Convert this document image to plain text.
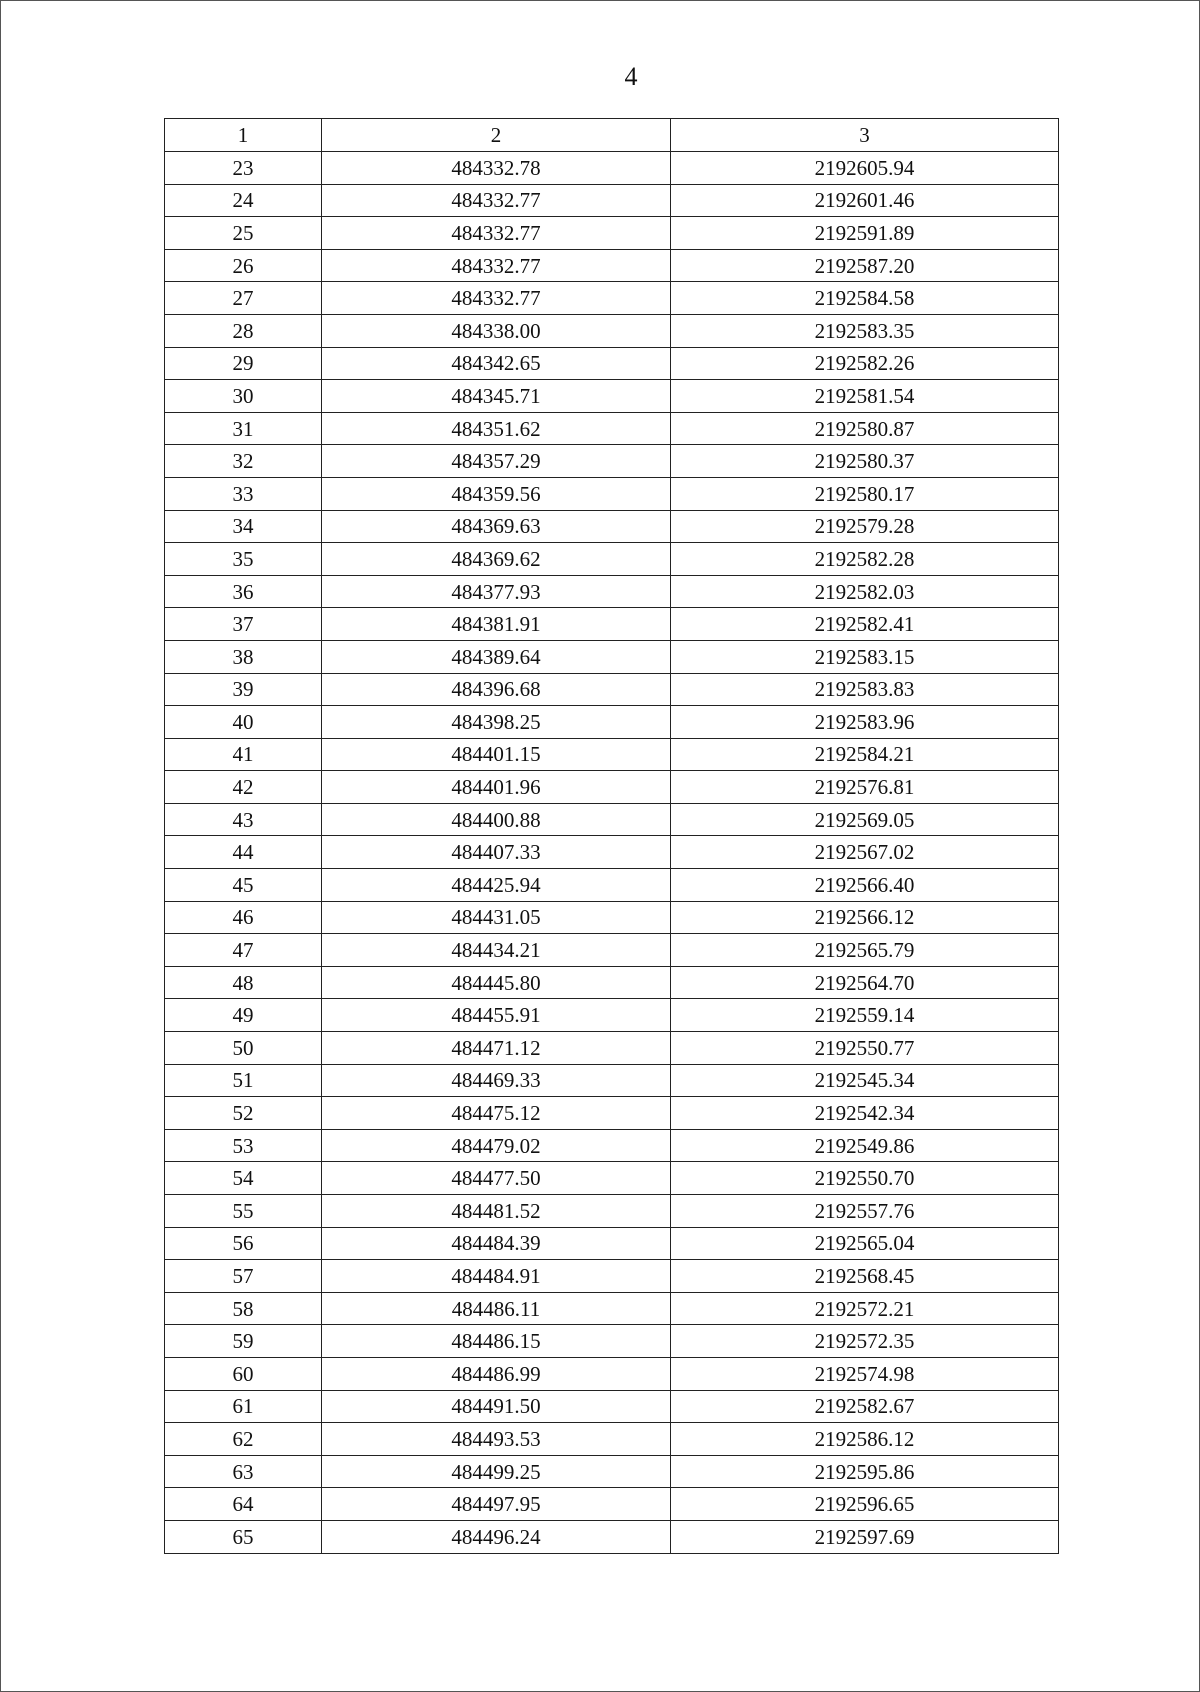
4
1	2	3
23	484332.78	2192605.94
24	484332.77	2192601.46
25	484332.77	2192591.89
26	484332.77	2192587.20
27	484332.77	2192584.58
28	484338.00	2192583.35
29	484342.65	2192582.26
30	484345.71	2192581.54
31	484351.62	2192580.87
32	484357.29	2192580.37
33	484359.56	2192580.17
34	484369.63	2192579.28
35	484369.62	2192582.28
36	484377.93	2192582.03
37	484381.91	2192582.41
38	484389.64	2192583.15
39	484396.68	2192583.83
40	484398.25	2192583.96
41	484401.15	2192584.21
42	484401.96	2192576.81
43	484400.88	2192569.05
44	484407.33	2192567.02
45	484425.94	2192566.40
46	484431.05	2192566.12
47	484434.21	2192565.79
48	484445.80	2192564.70
49	484455.91	2192559.14
50	484471.12	2192550.77
51	484469.33	2192545.34
52	484475.12	2192542.34
53	484479.02	2192549.86
54	484477.50	2192550.70
55	484481.52	2192557.76
56	484484.39	2192565.04
57	484484.91	2192568.45
58	484486.11	2192572.21
59	484486.15	2192572.35
60	484486.99	2192574.98
61	484491.50	2192582.67
62	484493.53	2192586.12
63	484499.25	2192595.86
64	484497.95	2192596.65
65	484496.24	2192597.69
